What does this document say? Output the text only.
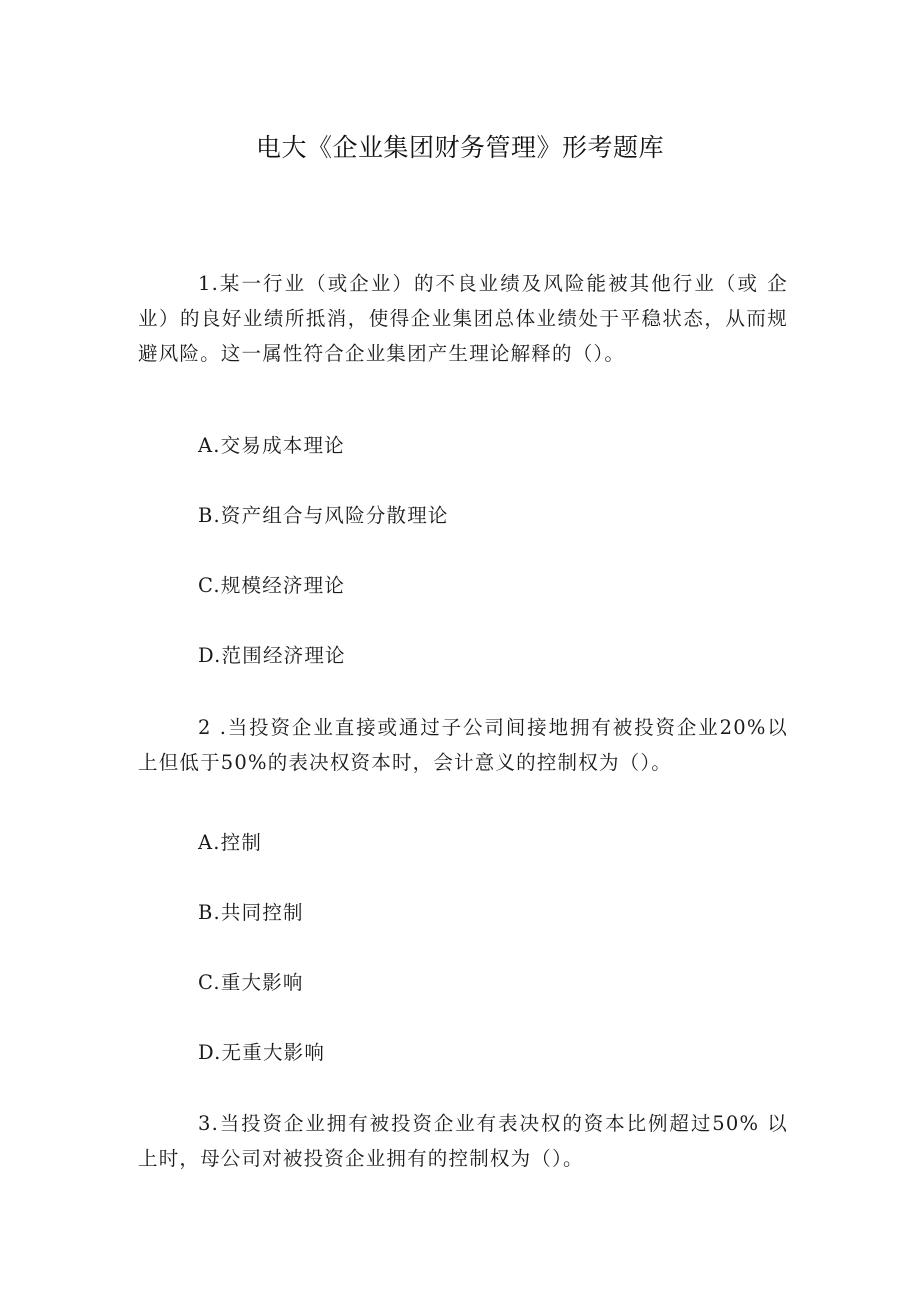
电大《企业集团财务管理》形考题库
1.某一行业（或企业）的不良业绩及风险能被其他行业（或 企业）的良好业绩所抵消，使得企业集团总体业绩处于平稳状态，从而规避风险。这一属性符合企业集团产生理论解释的（）。
A.交易成本理论
B.资产组合与风险分散理论
C.规模经济理论
D.范围经济理论
2 .当投资企业直接或通过子公司间接地拥有被投资企业20%以上但低于50%的表决权资本时，会计意义的控制权为（）。
A.控制
B.共同控制
C.重大影响
D.无重大影响
3.当投资企业拥有被投资企业有表决权的资本比例超过50% 以上时，母公司对被投资企业拥有的控制权为（）。
